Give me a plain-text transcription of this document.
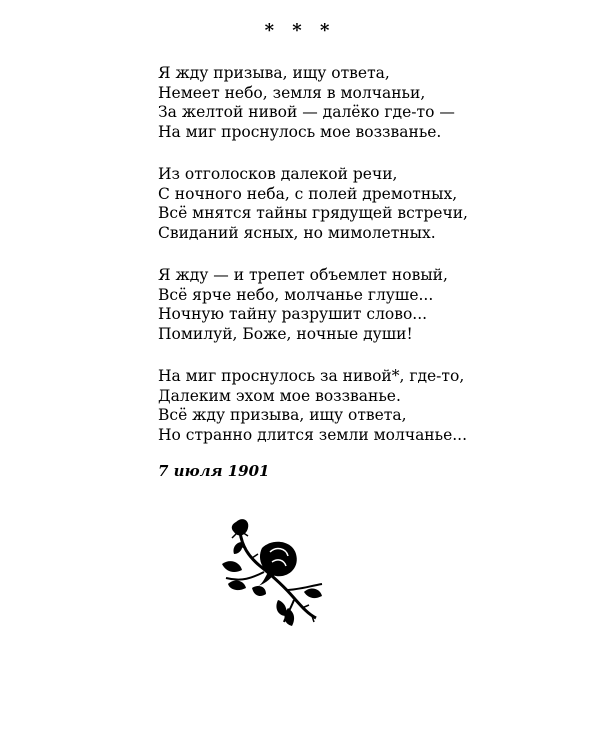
* * *
Я жду призыва, ищу ответа,
Немеет небо, земля в молчаньи,
За желтой нивой — далёко где-то —
На миг проснулось мое воззванье.
Из отголосков далекой речи,
С ночного неба, с полей дремотных,
Всё мнятся тайны грядущей встречи,
Свиданий ясных, но мимолетных.
Я жду — и трепет объемлет новый,
Всё ярче небо, молчанье глуше...
Ночную тайну разрушит слово...
Помилуй, Боже, ночные души!
На миг проснулось за нивой*, где-то,
Далеким эхом мое воззванье.
Всё жду призыва, ищу ответа,
Но странно длится земли молчанье...
7 июля 1901
